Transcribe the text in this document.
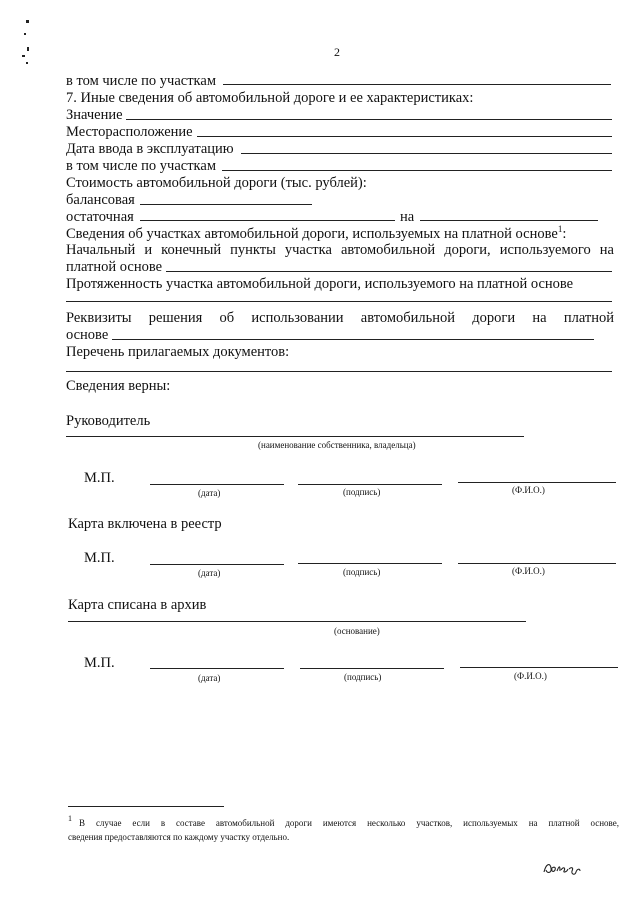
2
в том числе по участкам
7. Иные сведения об автомобильной дороге и ее характеристиках:
Значение
Месторасположение
Дата ввода в эксплуатацию
в том числе по участкам
Стоимость автомобильной дороги (тыс. рублей):
балансовая
остаточная	на
Сведения об участках автомобильной дороги, используемых на платной основе$^1$:
Начальный и конечный пункты участка автомобильной дороги, используемого на
платной основе
Протяженность участка автомобильной дороги, используемого на платной основе
Реквизиты решения об использовании автомобильной дороги на платной
основе
Перечень прилагаемых документов:
Сведения верны:
Руководитель
(наименование собственника, владельца)
М.П.
(дата)	(подпись)	(Ф.И.О.)
Карта включена в реестр
М.П.
(дата)	(подпись)	(Ф.И.О.)
Карта списана в архив
(основание)
М.П.
(дата)	(подпись)	(Ф.И.О.)
1 В случае если в составе автомобильной дороги имеются несколько участков, используемых на платной основе,
сведения предоставляются по каждому участку отдельно.
